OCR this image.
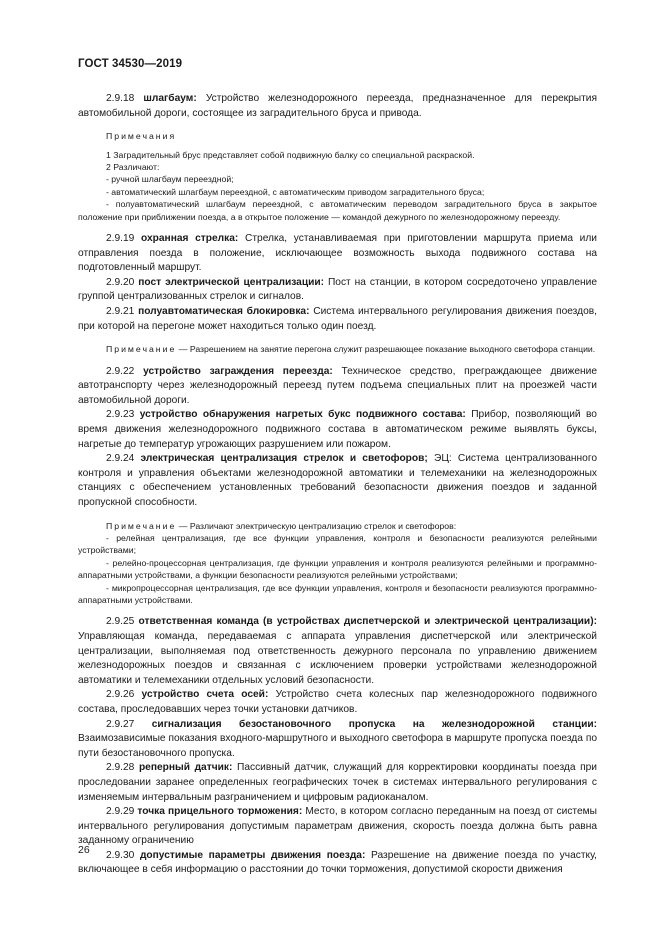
ГОСТ 34530—2019

2.9.18 шлагбаум: Устройство железнодорожного переезда, предназначенное для перекрытия автомобильной дороги, состоящее из заградительного бруса и привода.

Примечания

1 Заградительный брус представляет собой подвижную балку со специальной раскраской.

2 Различают:

- ручной шлагбаум переездной;

- автоматический шлагбаум переездной, с автоматическим приводом заградительного бруса;

- полуавтоматический шлагбаум переездной, с автоматическим переводом заградительного бруса в закрытое положение при приближении поезда, а в открытое положение — командой дежурного по железнодорожному переезду.

2.9.19 охранная стрелка: Стрелка, устанавливаемая при приготовлении маршрута приема или отправления поезда в положение, исключающее возможность выхода подвижного состава на подготовленный маршрут.

2.9.20 пост электрической централизации: Пост на станции, в котором сосредоточено управление группой централизованных стрелок и сигналов.

2.9.21 полуавтоматическая блокировка: Система интервального регулирования движения поездов, при которой на перегоне может находиться только один поезд.

Примечание — Разрешением на занятие перегона служит разрешающее показание выходного светофора станции.

2.9.22 устройство заграждения переезда: Техническое средство, преграждающее движение автотранспорту через железнодорожный переезд путем подъема специальных плит на проезжей части автомобильной дороги.

2.9.23 устройство обнаружения нагретых букс подвижного состава: Прибор, позволяющий во время движения железнодорожного подвижного состава в автоматическом режиме выявлять буксы, нагретые до температур угрожающих разрушением или пожаром.

2.9.24 электрическая централизация стрелок и светофоров; ЭЦ: Система централизованного контроля и управления объектами железнодорожной автоматики и телемеханики на железнодорожных станциях с обеспечением установленных требований безопасности движения поездов и заданной пропускной способности.

Примечание — Различают электрическую централизацию стрелок и светофоров:

- релейная централизация, где все функции управления, контроля и безопасности реализуются релейными устройствами;

- релейно-процессорная централизация, где функции управления и контроля реализуются релейными и программно-аппаратными устройствами, а функции безопасности реализуются релейными устройствами;

- микропроцессорная централизация, где все функции управления, контроля и безопасности реализуются программно-аппаратными устройствами.

2.9.25 ответственная команда (в устройствах диспетчерской и электрической централизации): Управляющая команда, передаваемая с аппарата управления диспетчерской или электрической централизации, выполняемая под ответственность дежурного персонала по управлению движением железнодорожных поездов и связанная с исключением проверки устройствами железнодорожной автоматики и телемеханики отдельных условий безопасности.

2.9.26 устройство счета осей: Устройство счета колесных пар железнодорожного подвижного состава, проследовавших через точки установки датчиков.

2.9.27 сигнализация безостановочного пропуска на железнодорожной станции: Взаимозависимые показания входного-маршрутного и выходного светофора в маршруте пропуска поезда по пути безостановочного пропуска.

2.9.28 реперный датчик: Пассивный датчик, служащий для корректировки координаты поезда при проследовании заранее определенных географических точек в системах интервального регулирования с изменяемым интервальным разграничением и цифровым радиоканалом.

2.9.29 точка прицельного торможения: Место, в котором согласно переданным на поезд от системы интервального регулирования допустимым параметрам движения, скорость поезда должна быть равна заданному ограничению

2.9.30 допустимые параметры движения поезда: Разрешение на движение поезда по участку, включающее в себя информацию о расстоянии до точки торможения, допустимой скорости движения

26
